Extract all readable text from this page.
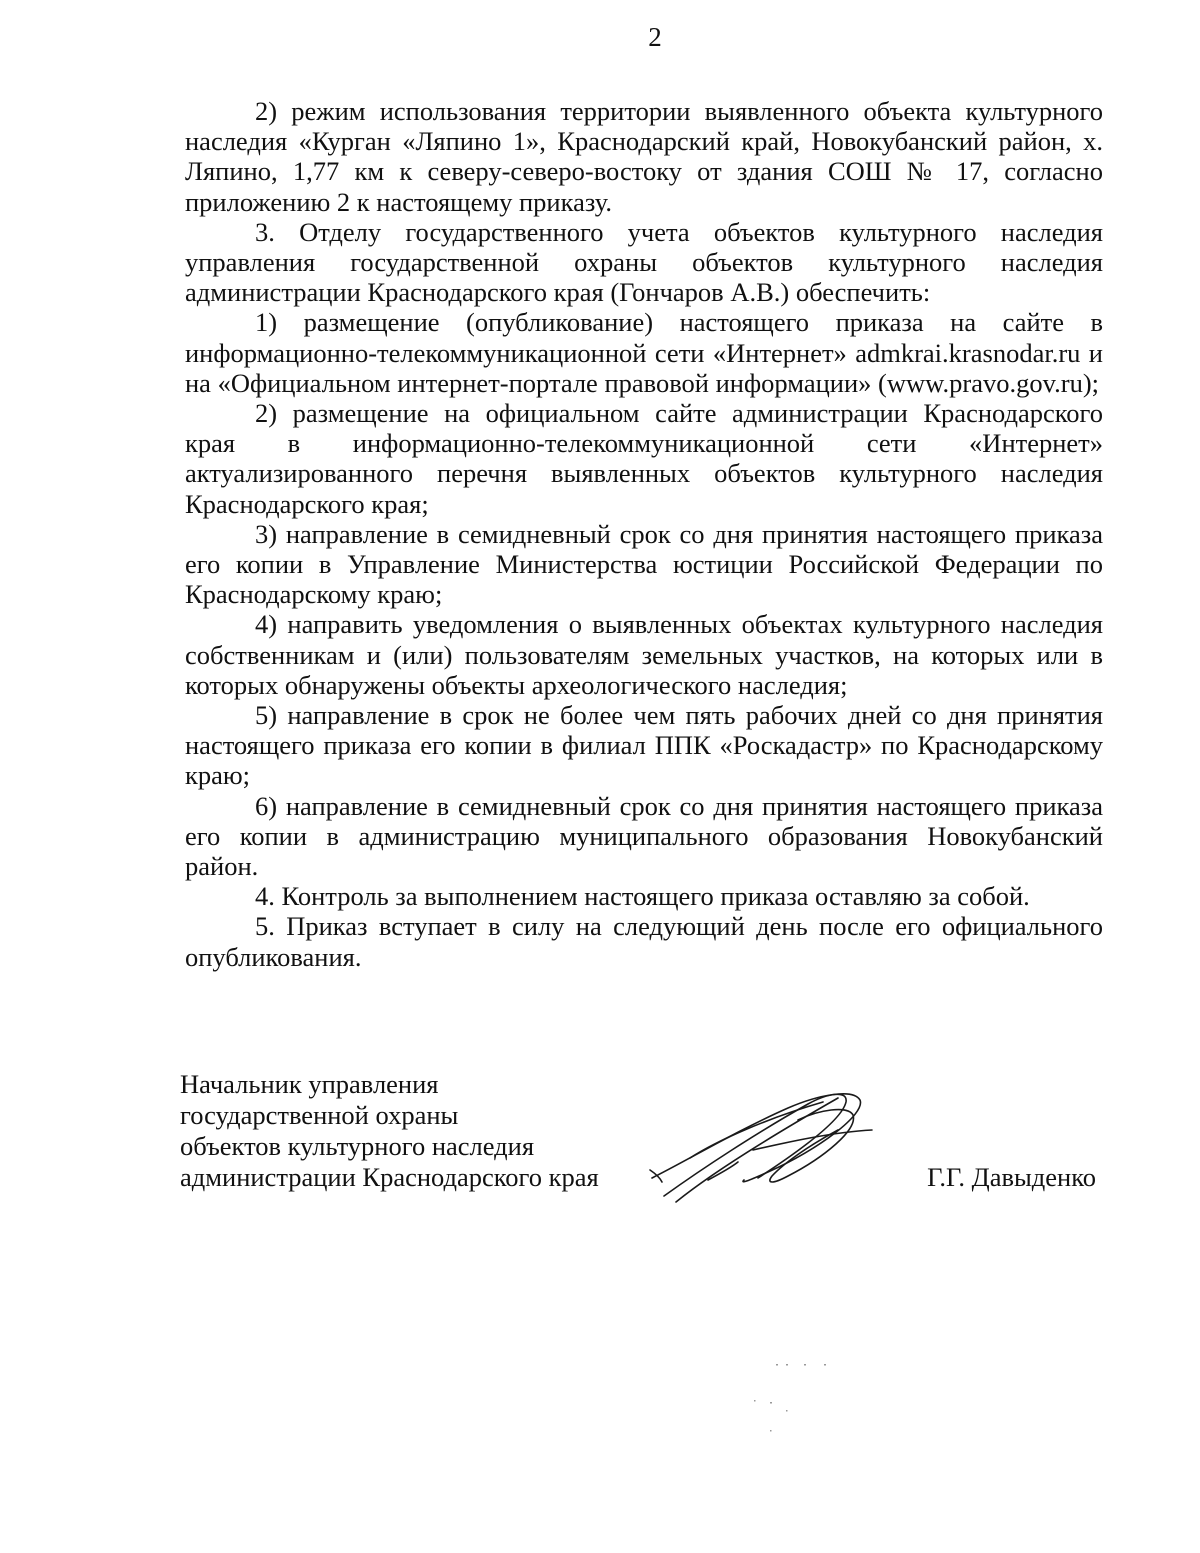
2

2) режим использования территории выявленного объекта культурного наследия «Курган «Ляпино 1», Краснодарский край, Новокубанский район, х. Ляпино, 1,77 км к северу-северо-востоку от здания СОШ № 17, согласно приложению 2 к настоящему приказу.

3. Отделу государственного учета объектов культурного наследия управления государственной охраны объектов культурного наследия администрации Краснодарского края (Гончаров А.В.) обеспечить:

1) размещение (опубликование) настоящего приказа на сайте в информационно-телекоммуникационной сети «Интернет» admkrai.krasnodar.ru и на «Официальном интернет-портале правовой информации» (www.pravo.gov.ru);

2) размещение на официальном сайте администрации Краснодарского края в информационно-телекоммуникационной сети «Интернет» актуализированного перечня выявленных объектов культурного наследия Краснодарского края;

3) направление в семидневный срок со дня принятия настоящего приказа его копии в Управление Министерства юстиции Российской Федерации по Краснодарскому краю;

4) направить уведомления о выявленных объектах культурного наследия собственникам и (или) пользователям земельных участков, на которых или в которых обнаружены объекты археологического наследия;

5) направление в срок не более чем пять рабочих дней со дня принятия настоящего приказа его копии в филиал ППК «Роскадастр» по Краснодарскому краю;

6) направление в семидневный срок со дня принятия настоящего приказа его копии в администрацию муниципального образования Новокубанский район.

4. Контроль за выполнением настоящего приказа оставляю за собой.

5. Приказ вступает в силу на следующий день после его официального опубликования.

Начальник управления
государственной охраны
объектов культурного наследия
администрации Краснодарского края	Г.Г. Давыденко
